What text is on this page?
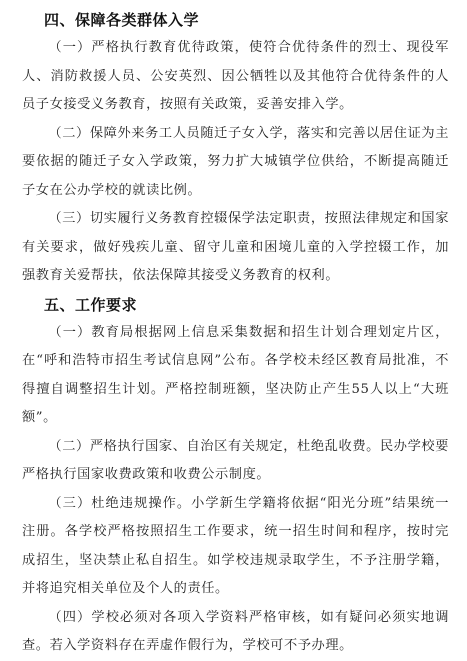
四、保障各类群体入学

（一）严格执行教育优待政策，使符合优待条件的烈士、现役军人、消防救援人员、公安英烈、因公牺牲以及其他符合优待条件的人员子女接受义务教育，按照有关政策，妥善安排入学。

（二）保障外来务工人员随迁子女入学，落实和完善以居住证为主要依据的随迁子女入学政策，努力扩大城镇学位供给，不断提高随迁子女在公办学校的就读比例。

（三）切实履行义务教育控辍保学法定职责，按照法律规定和国家有关要求，做好残疾儿童、留守儿童和困境儿童的入学控辍工作，加强教育关爱帮扶，依法保障其接受义务教育的权利。

五、工作要求

（一）教育局根据网上信息采集数据和招生计划合理划定片区，在“呼和浩特市招生考试信息网”公布。各学校未经区教育局批准，不得擅自调整招生计划。严格控制班额，坚决防止产生55人以上“大班额”。

（二）严格执行国家、自治区有关规定，杜绝乱收费。民办学校要严格执行国家收费政策和收费公示制度。

（三）杜绝违规操作。小学新生学籍将依据“阳光分班”结果统一注册。各学校严格按照招生工作要求，统一招生时间和程序，按时完成招生，坚决禁止私自招生。如学校违规录取学生，不予注册学籍，并将追究相关单位及个人的责任。

（四）学校必须对各项入学资料严格审核，如有疑问必须实地调查。若入学资料存在弄虚作假行为，学校可不予办理。
